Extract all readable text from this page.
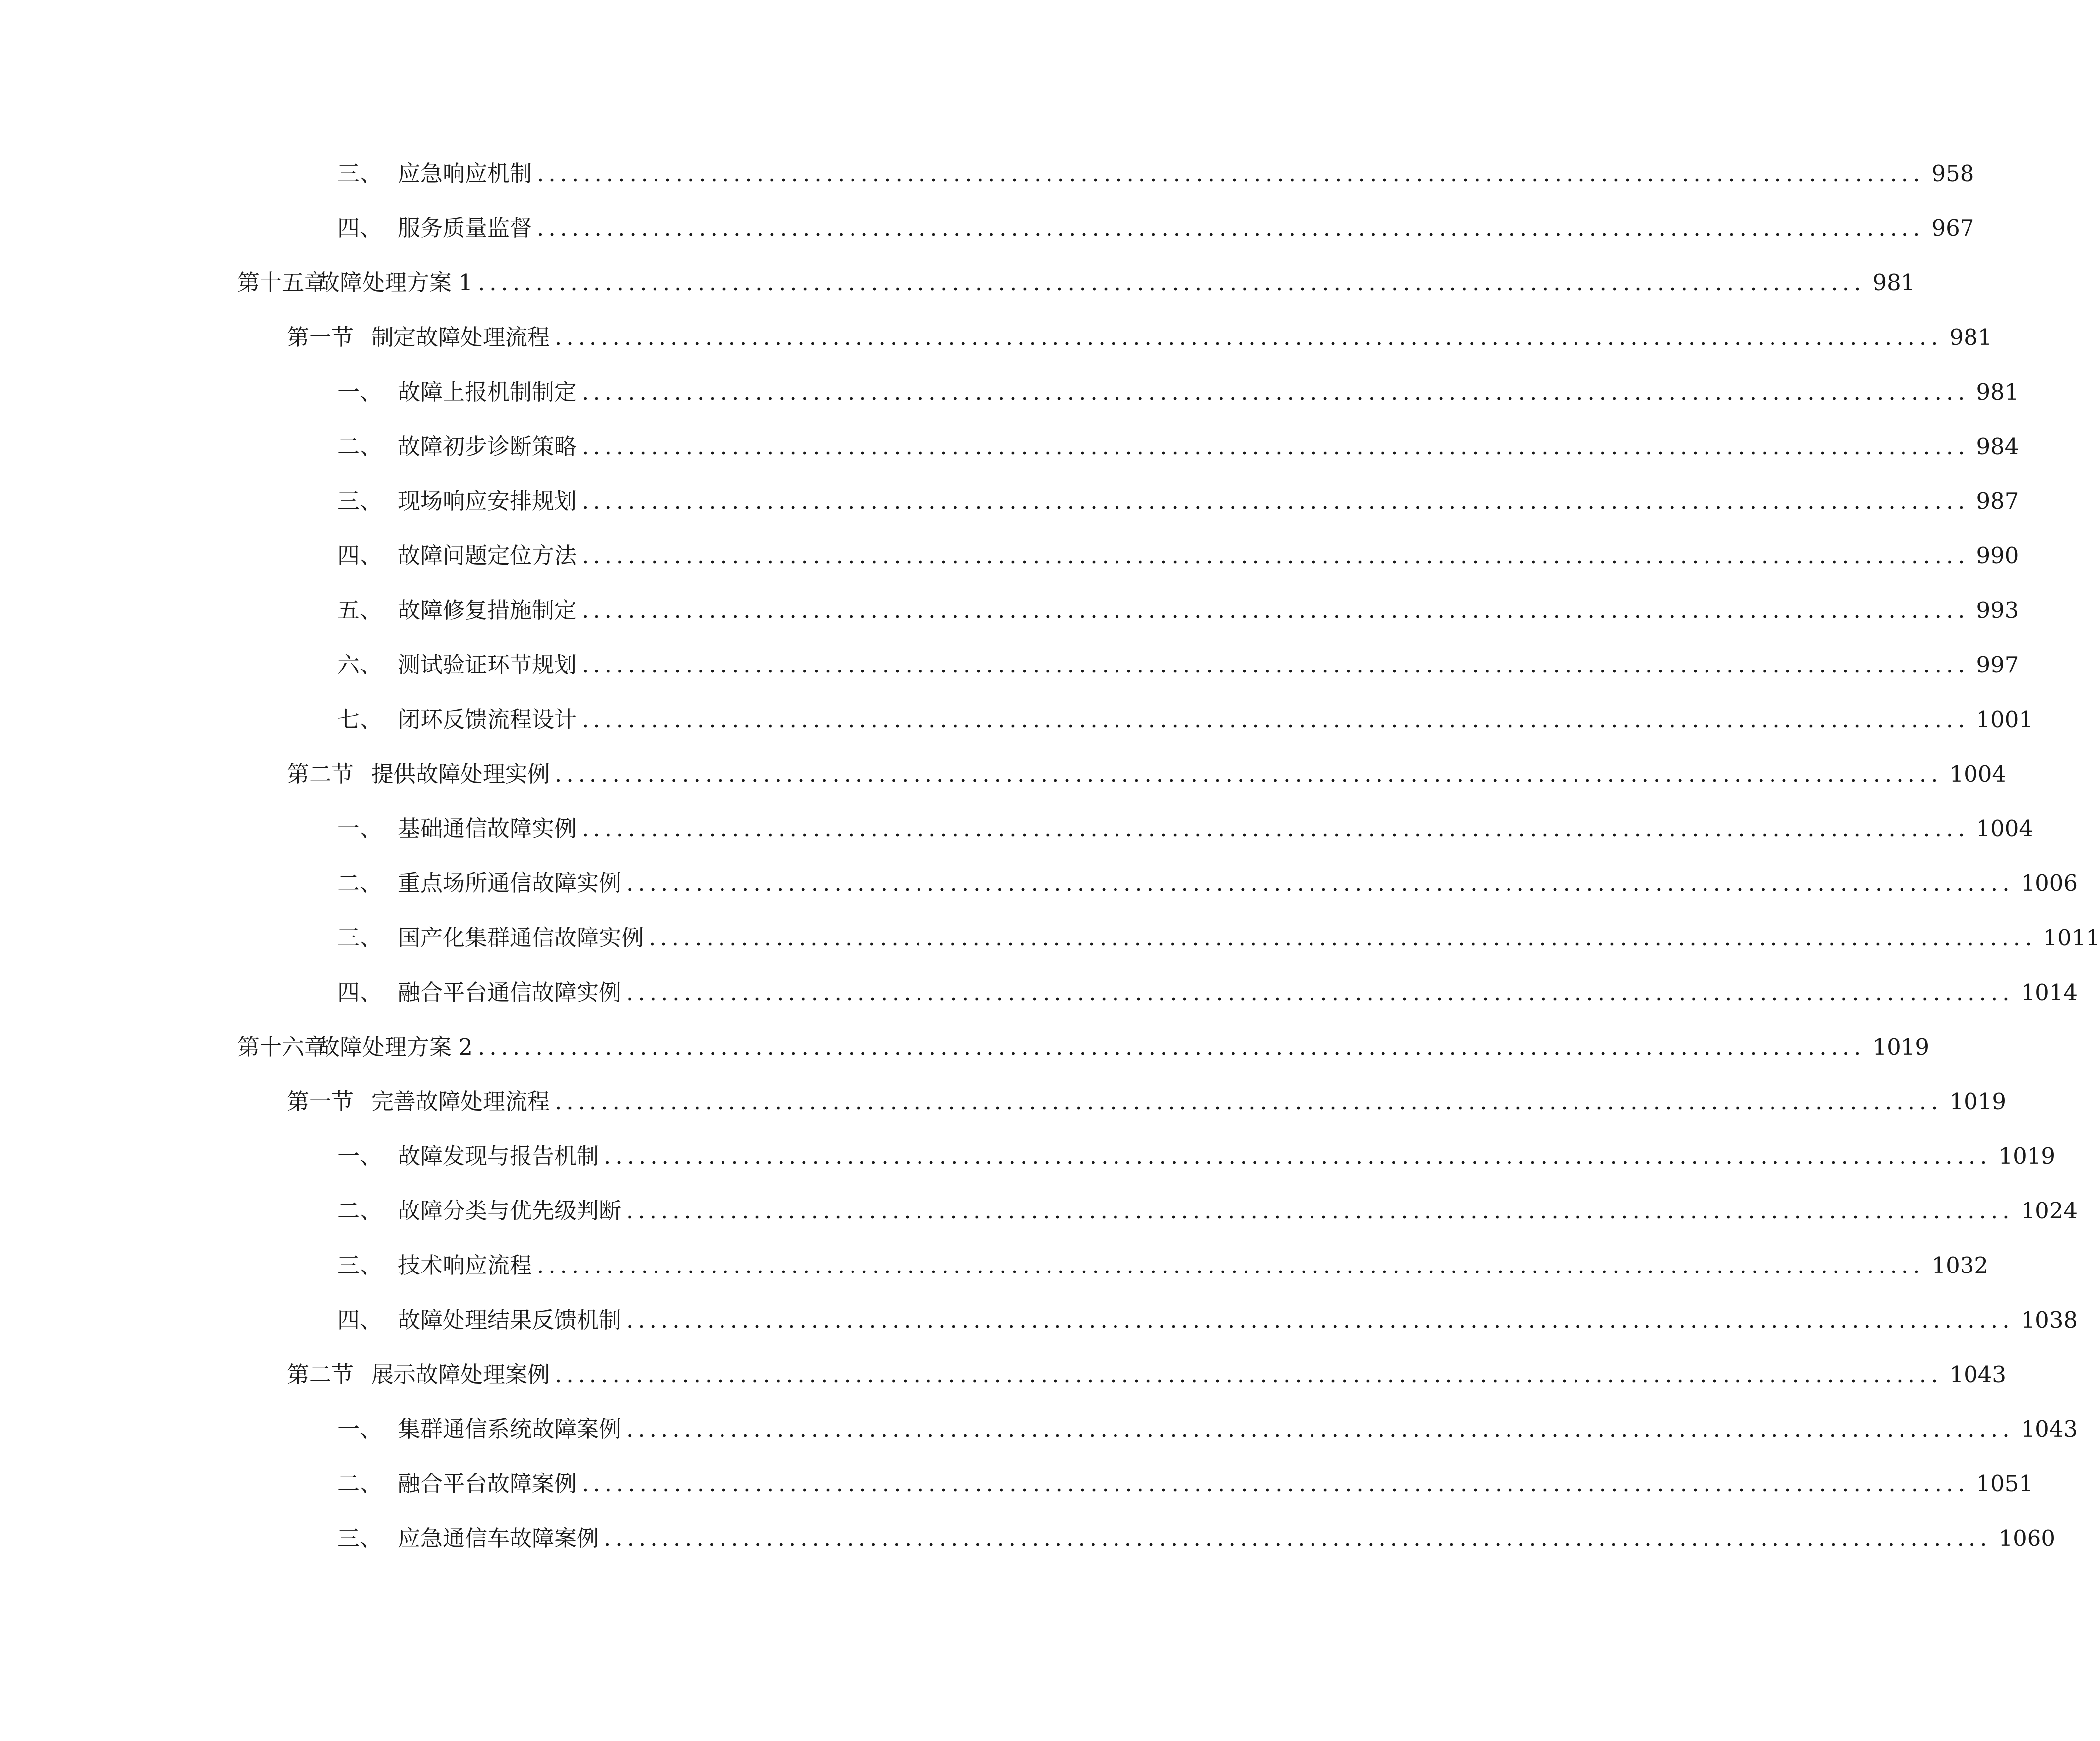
三、 应急响应机制 ........................................................................................................................ 958
四、 服务质量监督 ........................................................................................................................ 967
第十五章
故障处理方案 1 ........................................................................................................................ 981
第一节 制定故障处理流程 ........................................................................................................................ 981
一、 故障上报机制制定 ........................................................................................................................ 981
二、 故障初步诊断策略 ........................................................................................................................ 984
三、 现场响应安排规划 ........................................................................................................................ 987
四、 故障问题定位方法 ........................................................................................................................ 990
五、 故障修复措施制定 ........................................................................................................................ 993
六、 测试验证环节规划 ........................................................................................................................ 997
七、 闭环反馈流程设计 ........................................................................................................................ 1001
第二节 提供故障处理实例 ........................................................................................................................ 1004
一、 基础通信故障实例 ........................................................................................................................ 1004
二、 重点场所通信故障实例 ........................................................................................................................ 1006
三、 国产化集群通信故障实例 ........................................................................................................................ 1011
四、 融合平台通信故障实例 ........................................................................................................................ 1014
第十六章
故障处理方案 2 ........................................................................................................................ 1019
第一节 完善故障处理流程 ........................................................................................................................ 1019
一、 故障发现与报告机制 ........................................................................................................................ 1019
二、 故障分类与优先级判断 ........................................................................................................................ 1024
三、 技术响应流程 ........................................................................................................................ 1032
四、 故障处理结果反馈机制 ........................................................................................................................ 1038
第二节 展示故障处理案例 ........................................................................................................................ 1043
一、 集群通信系统故障案例 ........................................................................................................................ 1043
二、 融合平台故障案例 ........................................................................................................................ 1051
三、 应急通信车故障案例 ........................................................................................................................ 1060
